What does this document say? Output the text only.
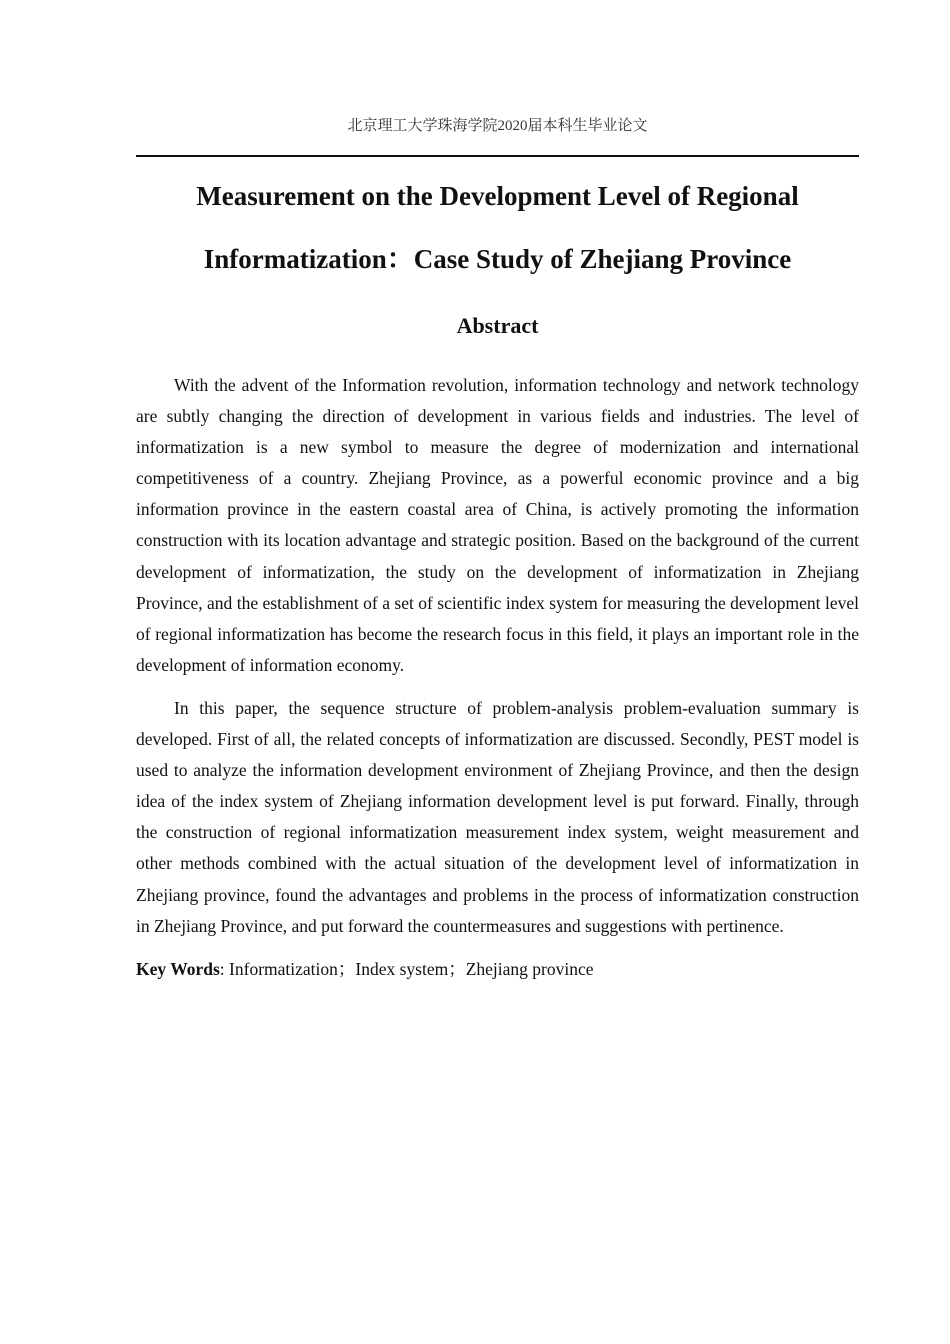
北京理工大学珠海学院2020届本科生毕业论文
Measurement on the Development Level of Regional
Informatization：Case Study of Zhejiang Province
Abstract

With the advent of the Information revolution, information technology and network technology are subtly changing the direction of development in various fields and industries. The level of informatization is a new symbol to measure the degree of modernization and international competitiveness of a country. Zhejiang Province, as a powerful economic province and a big information province in the eastern coastal area of China, is actively promoting the information construction with its location advantage and strategic position. Based on the background of the current development of informatization, the study on the development of informatization in Zhejiang Province, and the establishment of a set of scientific index system for measuring the development level of regional informatization has become the research focus in this field, it plays an important role in the development of information economy.

In this paper, the sequence structure of problem-analysis problem-evaluation summary is developed. First of all, the related concepts of informatization are discussed. Secondly, PEST model is used to analyze the information development environment of Zhejiang Province, and then the design idea of the index system of Zhejiang information development level is put forward. Finally, through the construction of regional informatization measurement index system, weight measurement and other methods combined with the actual situation of the development level of informatization in Zhejiang province, found the advantages and problems in the process of informatization construction in Zhejiang Province, and put forward the countermeasures and suggestions with pertinence.

Key Words: Informatization；Index system；Zhejiang province
